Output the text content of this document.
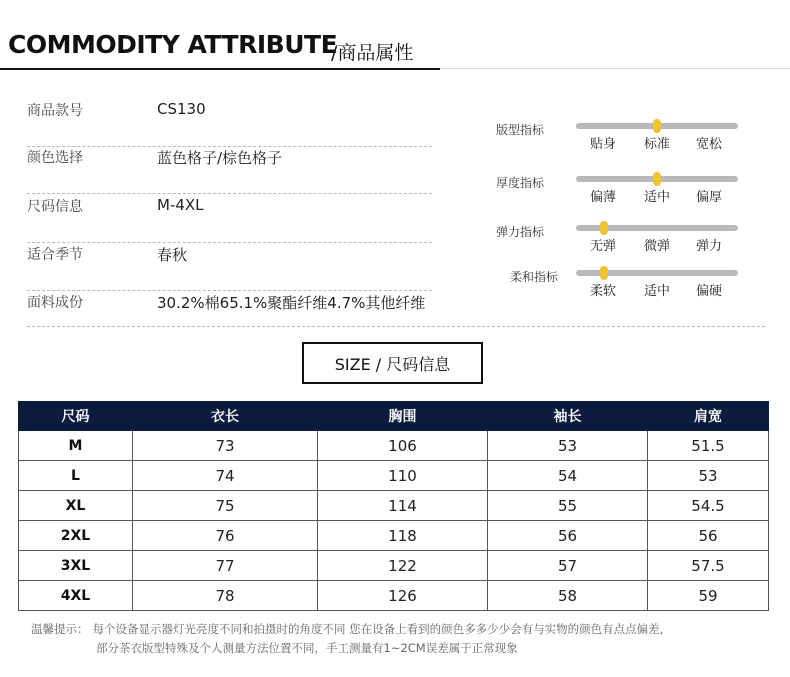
COMMODITY ATTRIBUTE
/商品属性
商品款号	CS130
颜色选择	蓝色格子/棕色格子
尺码信息	M-4XL
适合季节	春秋
面料成份	30.2%棉65.1%聚酯纤维4.7%其他纤维
版型指标
贴身 标准 宽松
厚度指标
偏薄 适中 偏厚
弹力指标
无弹 微弹 弹力
柔和指标
柔软 适中 偏硬
SIZE / 尺码信息
尺码	衣长	胸围	袖长	肩宽
M	73	106	53	51.5
L	74	110	54	53
XL	75	114	55	54.5
2XL	76	118	56	56
3XL	77	122	57	57.5
4XL	78	126	58	59
温馨提示： 每个设备显示器灯光亮度不同和拍摄时的角度不同 您在设备上看到的颜色多多少少会有与实物的颜色有点点偏差,
部分茶衣版型特殊及个人测量方法位置不同，手工测量有1~2CM误差属于正常现象
